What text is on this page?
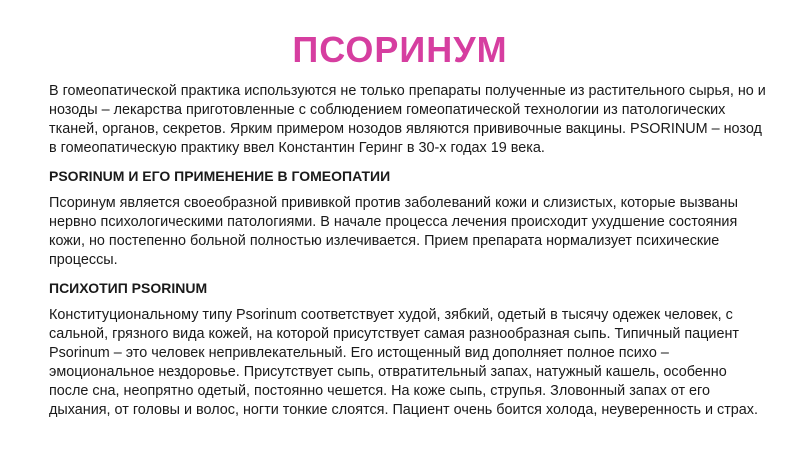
ПСОРИНУМ

В гомеопатической практика используются не только препараты полученные из растительного сырья, но и нозоды – лекарства приготовленные с соблюдением гомеопатической технологии из патологических тканей, органов, секретов. Ярким примером нозодов являются прививочные вакцины. PSORINUM – нозод в гомеопатическую практику ввел Константин Геринг в 30-х годах 19 века.

PSORINUM И ЕГО ПРИМЕНЕНИЕ В ГОМЕОПАТИИ

Псоринум является своеобразной прививкой против заболеваний кожи и слизистых, которые вызваны нервно психологическими патологиями. В начале процесса лечения происходит ухудшение состояния кожи, но постепенно больной полностью излечивается. Прием препарата нормализует психические процессы.

ПСИХОТИП PSORINUM

Конституциональному типу Psorinum соответствует худой, зябкий, одетый в тысячу одежек человек, с сальной, грязного вида кожей, на которой присутствует самая разнообразная сыпь. Типичный пациент Psorinum – это человек непривлекательный. Его истощенный вид дополняет полное психо – эмоциональное нездоровье. Присутствует сыпь, отвратительный запах, натужный кашель, особенно после сна, неопрятно одетый, постоянно чешется. На коже сыпь, струпья. Зловонный запах от его дыхания, от головы и волос, ногти тонкие слоятся. Пациент очень боится холода, неуверенность и страх.
